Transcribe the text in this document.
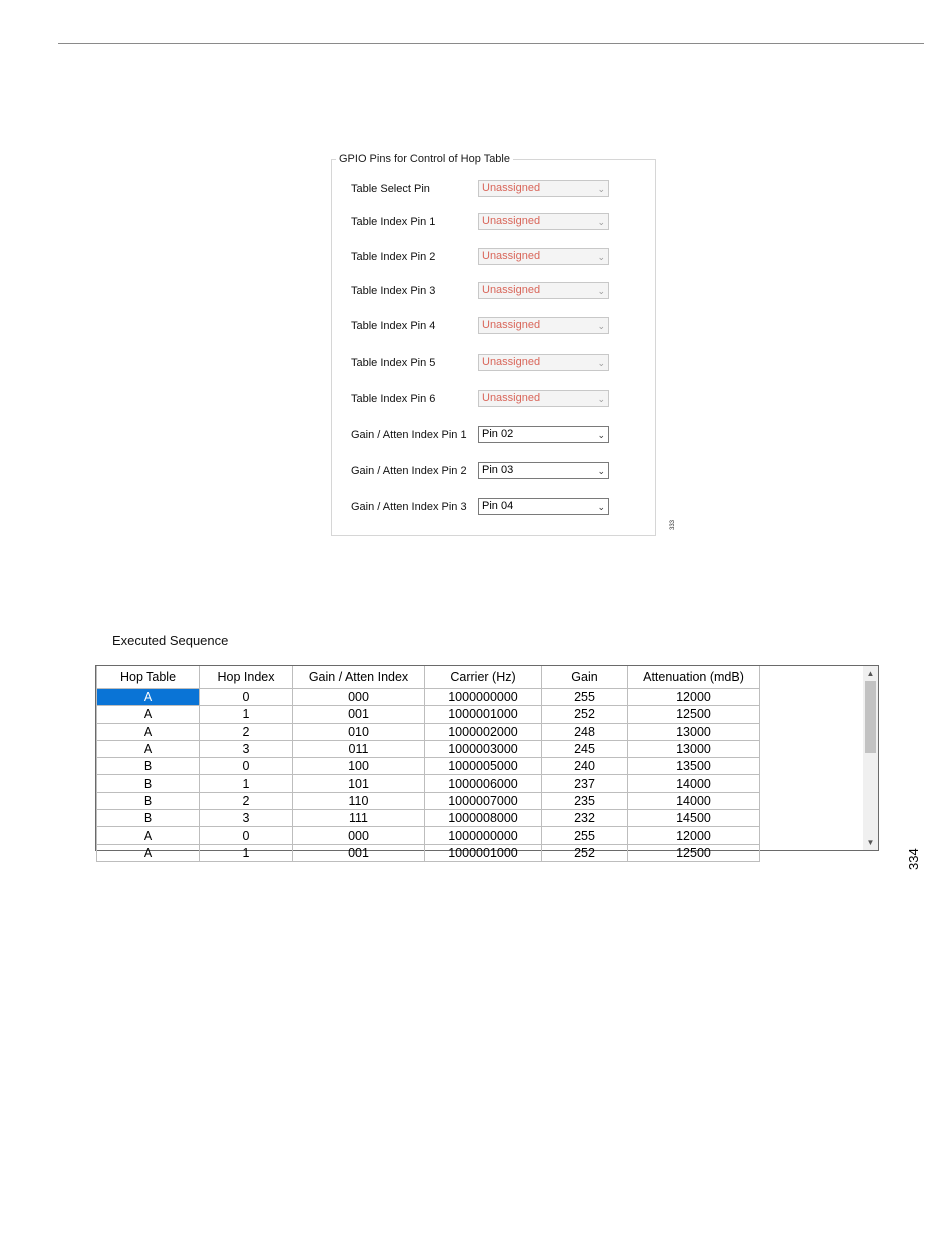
GPIO Pins for Control of Hop Table
Table Select Pin	Unassigned	⌄
Table Index Pin 1	Unassigned	⌄
Table Index Pin 2	Unassigned	⌄
Table Index Pin 3	Unassigned	⌄
Table Index Pin 4	Unassigned	⌄
Table Index Pin 5	Unassigned	⌄
Table Index Pin 6	Unassigned	⌄
Gain / Atten Index Pin 1	Pin 02	⌄
Gain / Atten Index Pin 2	Pin 03	⌄
Gain / Atten Index Pin 3	Pin 04	⌄
333
Executed Sequence
Hop Table	Hop Index	Gain / Atten Index	Carrier (Hz)	Gain	Attenuation (mdB)
A	0	000	1000000000	255	12000
A	1	001	1000001000	252	12500
A	2	010	1000002000	248	13000
A	3	011	1000003000	245	13000
B	0	100	1000005000	240	13500
B	1	101	1000006000	237	14000
B	2	110	1000007000	235	14000
B	3	111	1000008000	232	14500
A	0	000	1000000000	255	12000
A	1	001	1000001000	252	12500
▲
▼
334
